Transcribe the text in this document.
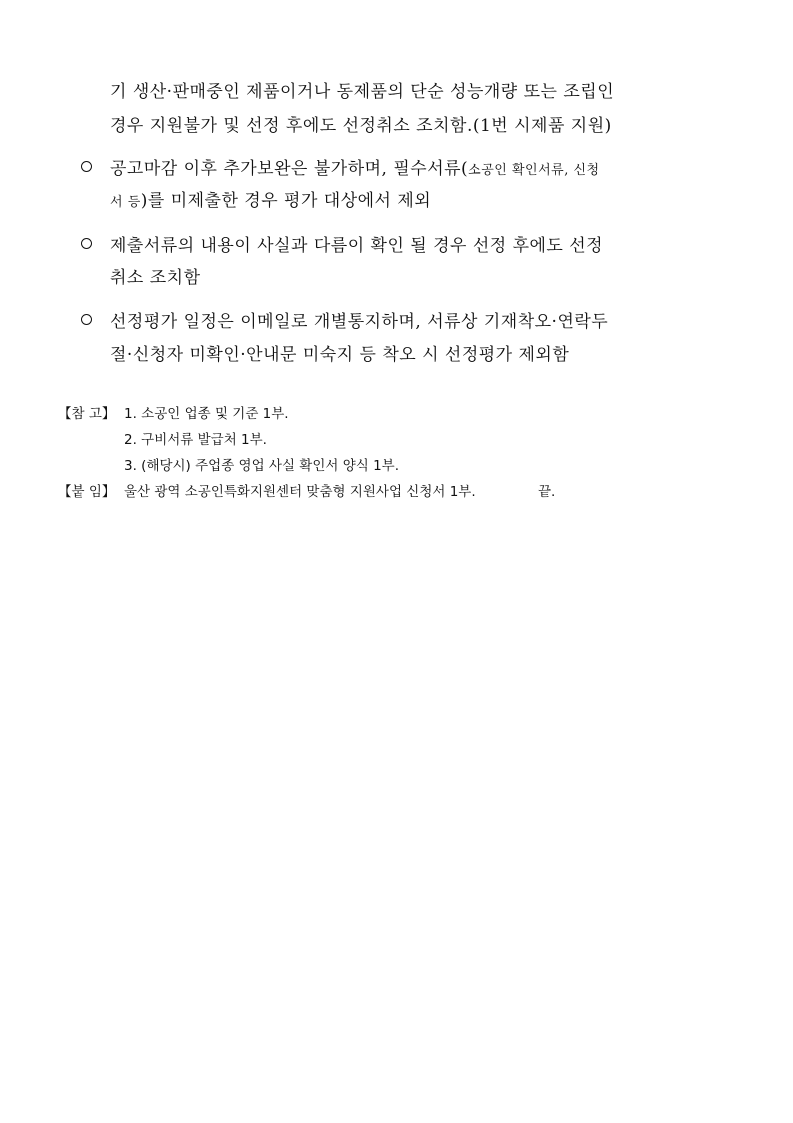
기 생산·판매중인 제품이거나 동제품의 단순 성능개량 또는 조립인
경우 지원불가 및 선정 후에도 선정취소 조치함.(1번 시제품 지원)
공고마감 이후 추가보완은 불가하며, 필수서류(소공인 확인서류, 신청
서 등)를 미제출한 경우 평가 대상에서 제외
제출서류의 내용이 사실과 다름이 확인 될 경우 선정 후에도 선정
취소 조치함
선정평가 일정은 이메일로 개별통지하며, 서류상 기재착오·연락두
절·신청자 미확인·안내문 미숙지 등 착오 시 선정평가 제외함
【참 고】 1. 소공인 업종 및 기준 1부.
2. 구비서류 발급처 1부.
3. (해당시) 주업종 영업 사실 확인서 양식 1부.
【붙 임】 울산 광역 소공인특화지원센터 맞춤형 지원사업 신청서 1부.	끝.
